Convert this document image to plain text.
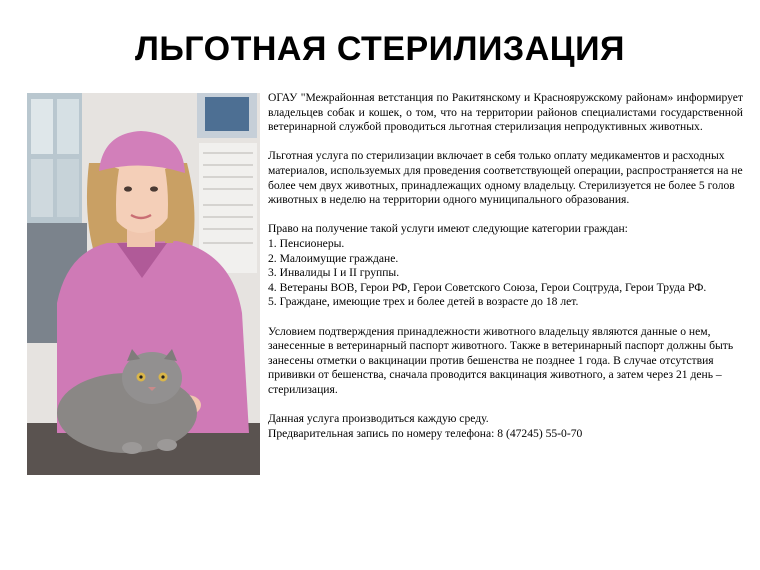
ЛЬГОТНАЯ СТЕРИЛИЗАЦИЯ

ОГАУ "Межрайонная ветстанция по Ракитянскому и Краснояружскому районам» информирует владельцев собак и кошек, о том, что на территории районов специалистами государственной ветеринарной службой проводиться льготная стерилизация непродуктивных животных.

Льготная услуга по стерилизации включает в себя только оплату медикаментов и расходных материалов, используемых для проведения соответствующей операции, распространяется на не более чем двух животных, принадлежащих одному владельцу. Стерилизуется не более 5 голов животных в неделю на территории одного муниципального образования.

Право на получение такой услуги имеют следующие категории граждан:

1. Пенсионеры.

2. Малоимущие граждане.

3. Инвалиды I и II группы.

4. Ветераны ВОВ, Герои РФ, Герои Советского Союза, Герои Соцтруда, Герои Труда РФ.

5. Граждане, имеющие трех и более детей в возрасте до 18 лет.

Условием подтверждения принадлежности животного владельцу являются данные о нем, занесенные в ветеринарный паспорт животного. Также в ветеринарный паспорт должны быть занесены отметки о вакцинации против бешенства не позднее 1 года. В случае отсутствия прививки от бешенства, сначала проводится вакцинация животного, а затем через 21 день – стерилизация.

Данная услуга производиться каждую среду.

Предварительная запись по номеру телефона: 8 (47245) 55-0-70
